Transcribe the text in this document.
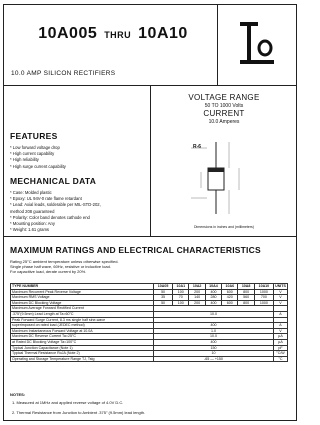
10A005 THRU 10A10
10.0 AMP SILICON RECTIFIERS
FEATURES
* Low forward voltage drop
* High current capability
* High reliability
* High surge current capability
MECHANICAL DATA
* Case: Molded plastic
* Epoxy: UL 94V-0 rate flame retardant
* Lead: Axial leads, solderable per MIL-STD-202,
method 208 guaranteed
* Polarity: Color band denotes cathode end
* Mounting position: Any
* Weight: 1.61 grams
VOLTAGE RANGE
50 TO 1000 Volts
CURRENT
10.0 Amperes
R-6
Dimensions in inches and (millimeters)
MAXIMUM RATINGS AND ELECTRICAL CHARACTERISTICS
Rating 25°C ambient temperature unless otherwise specified.
Single phase half wave, 60Hz, resistive or inductive load.
For capacitive load, derate current by 20%.
TYPE NUMBER	10A05	10A1	10A2	10A4	10A6	10A8	10A10	UNITS
Maximum Recurrent Peak Reverse Voltage	50	100	200	400	600	800	1000	V
Maximum RMS Voltage	35	70	140	280	420	560	700	V
Maximum DC Blocking Voltage	50	100	200	400	600	800	1000	V
Maximum Average Forward Rectified Current								
.375"(9.5mm) Lead Length at Ta=60°C	10.0							A
Peak Forward Surge Current, 8.3 ms single half sine-wave								
superimposed on rated load (JEDEC method)	400							A
Maximum Instantaneous Forward Voltage at 10.0A	1.0							V
Maximum DC Reverse Current Ta=25°C	10.0							µA
at Rated DC Blocking Voltage Ta=100°C	400							µA
Typical Junction Capacitance (Note 1)	150							pF
Typical Thermal Resistance RoJA (Note 2)	10							°C/W
Operating and Storage Temperature Range TJ, Tstg	-65 — +150							°C
NOTES:
1. Measured at 1MHz and applied reverse voltage of 4.0V D.C.
2. Thermal Resistance from Junction to Ambient .375" (9.5mm) lead length.
